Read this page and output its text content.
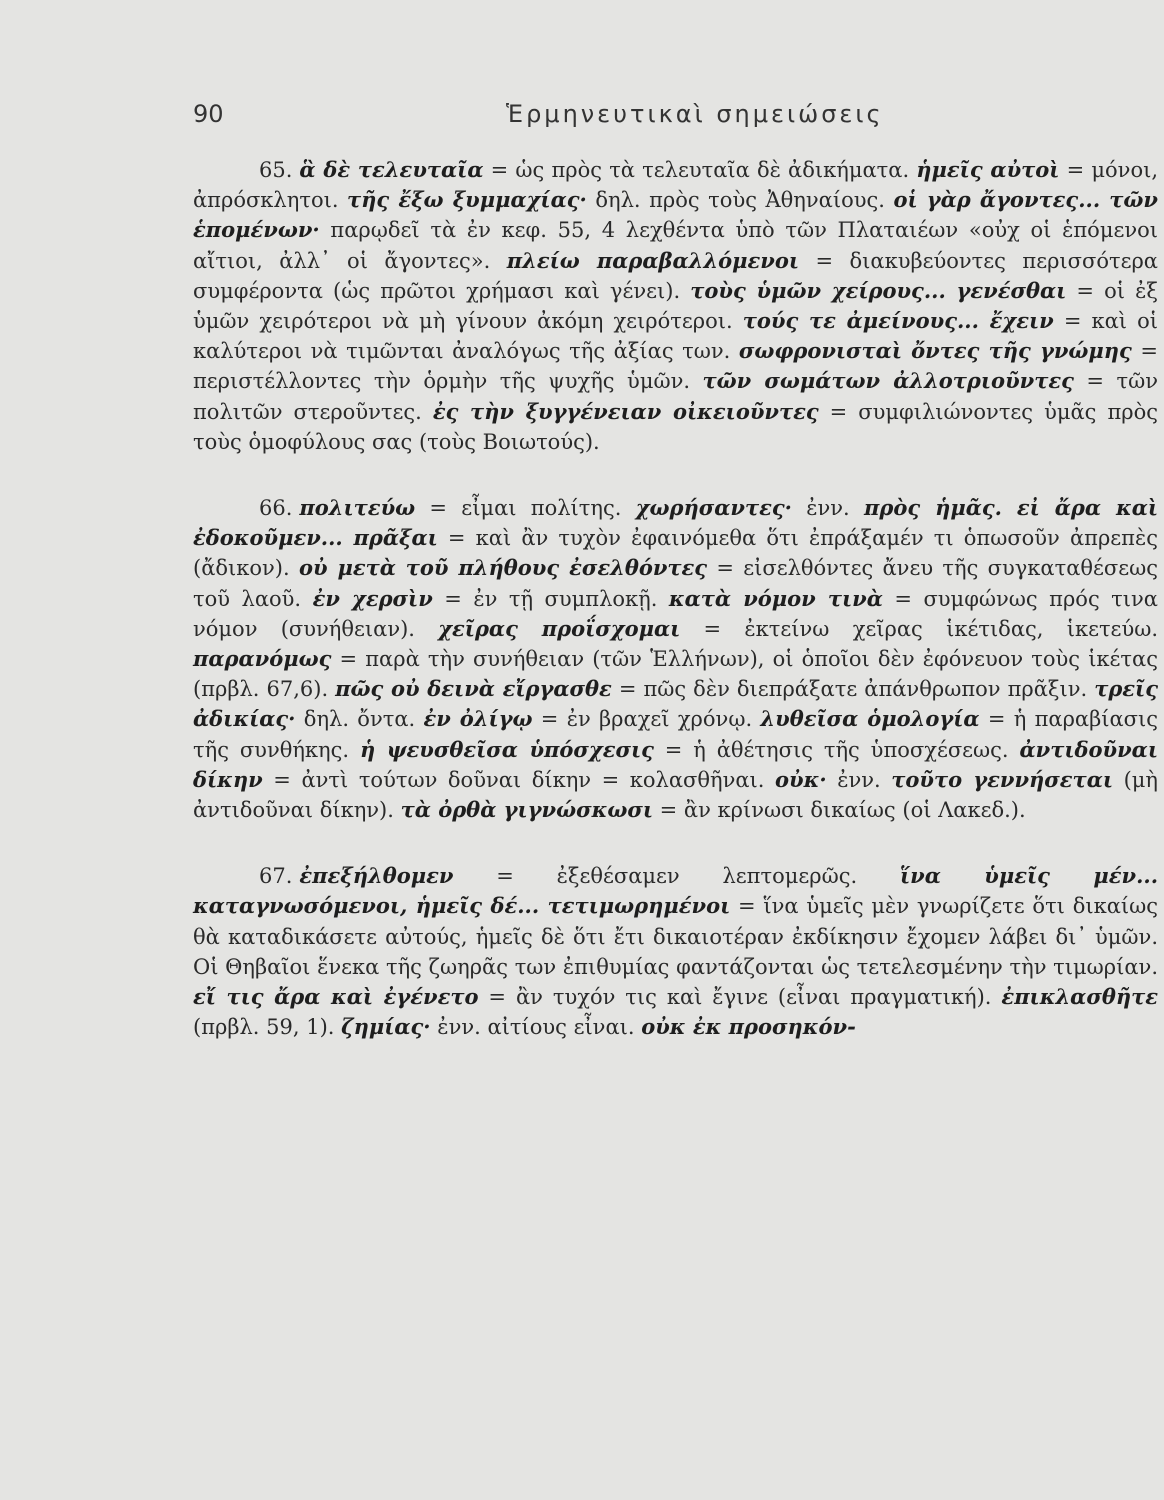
90	Ἑρμηνευτικαὶ σημειώσεις

65. ἃ δὲ τελευταῖα = ὡς πρὸς τὰ τελευταῖα δὲ ἀδικήματα. ἡμεῖς αὐτοὶ = μόνοι, ἀπρόσκλητοι. τῆς ἔξω ξυμμαχίας· δηλ. πρὸς τοὺς Ἀθηναίους. οἱ γὰρ ἄγοντες... τῶν ἑπομένων· παρῳδεῖ τὰ ἐν κεφ. 55, 4 λεχθέντα ὑπὸ τῶν Πλαταιέων «οὐχ οἱ ἑπόμενοι αἴτιοι, ἀλλ᾽ οἱ ἄγοντες». πλείω παραβαλλόμενοι = διακυβεύοντες περισσότερα συμφέροντα (ὡς πρῶτοι χρήμασι καὶ γένει). τοὺς ὑμῶν χείρους... γενέσθαι = οἱ ἐξ ὑμῶν χειρότεροι νὰ μὴ γίνουν ἀκόμη χειρότεροι. τούς τε ἀμείνους... ἔχειν = καὶ οἱ καλύτεροι νὰ τιμῶνται ἀναλόγως τῆς ἀξίας των. σωφρονισταὶ ὄντες τῆς γνώμης = περιστέλλοντες τὴν ὁρμὴν τῆς ψυχῆς ὑμῶν. τῶν σωμάτων ἀλλοτριοῦντες = τῶν πολιτῶν στεροῦντες. ἐς τὴν ξυγγένειαν οἰκειοῦντες = συμφιλιώνοντες ὑμᾶς πρὸς τοὺς ὁμοφύλους σας (τοὺς Βοιωτούς).

66. πολιτεύω = εἶμαι πολίτης. χωρήσαντες· ἐνν. πρὸς ἡμᾶς. εἰ ἄρα καὶ ἐδοκοῦμεν... πρᾶξαι = καὶ ἂν τυχὸν ἐφαινόμεθα ὅτι ἐπράξαμέν τι ὁπωσοῦν ἀπρεπὲς (ἄδικον). οὐ μετὰ τοῦ πλήθους ἐσελθόντες = εἰσελθόντες ἄνευ τῆς συγκαταθέσεως τοῦ λαοῦ. ἐν χερσὶν = ἐν τῇ συμπλοκῇ. κατὰ νόμον τινὰ = συμφώνως πρός τινα νόμον (συνήθειαν). χεῖρας προΐσχομαι = ἐκτείνω χεῖρας ἱκέτιδας, ἱκετεύω. παρανόμως = παρὰ τὴν συνήθειαν (τῶν Ἑλλήνων), οἱ ὁποῖοι δὲν ἐφόνευον τοὺς ἱκέτας (πρβλ. 67,6). πῶς οὐ δεινὰ εἴργασθε = πῶς δὲν διεπράξατε ἀπάνθρωπον πρᾶξιν. τρεῖς ἀδικίας· δηλ. ὄντα. ἐν ὀλίγῳ = ἐν βραχεῖ χρόνῳ. λυθεῖσα ὁμολογία = ἡ παραβίασις τῆς συνθήκης. ἡ ψευσθεῖσα ὑπόσχεσις = ἡ ἀθέτησις τῆς ὑποσχέσεως. ἀντιδοῦναι δίκην = ἀντὶ τούτων δοῦναι δίκην = κολασθῆναι. οὐκ· ἐνν. τοῦτο γεννήσεται (μὴ ἀντιδοῦναι δίκην). τὰ ὀρθὰ γιγνώσκωσι = ἂν κρίνωσι δικαίως (οἱ Λακεδ.).

67. ἐπεξήλθομεν = ἐξεθέσαμεν λεπτομερῶς. ἵνα ὑμεῖς μέν... καταγνωσόμενοι, ἡμεῖς δέ... τετιμωρημένοι = ἵνα ὑμεῖς μὲν γνωρίζετε ὅτι δικαίως θὰ καταδικάσετε αὐτούς, ἡμεῖς δὲ ὅτι ἔτι δικαιοτέραν ἐκδίκησιν ἔχομεν λάβει δι᾽ ὑμῶν. Οἱ Θηβαῖοι ἕνεκα τῆς ζωηρᾶς των ἐπιθυμίας φαντάζονται ὡς τετελεσμένην τὴν τιμωρίαν. εἴ τις ἄρα καὶ ἐγένετο = ἂν τυχόν τις καὶ ἔγινε (εἶναι πραγματική). ἐπικλασθῆτε (πρβλ. 59, 1). ζημίας· ἐνν. αἰτίους εἶναι. οὐκ ἐκ προσηκόν-
